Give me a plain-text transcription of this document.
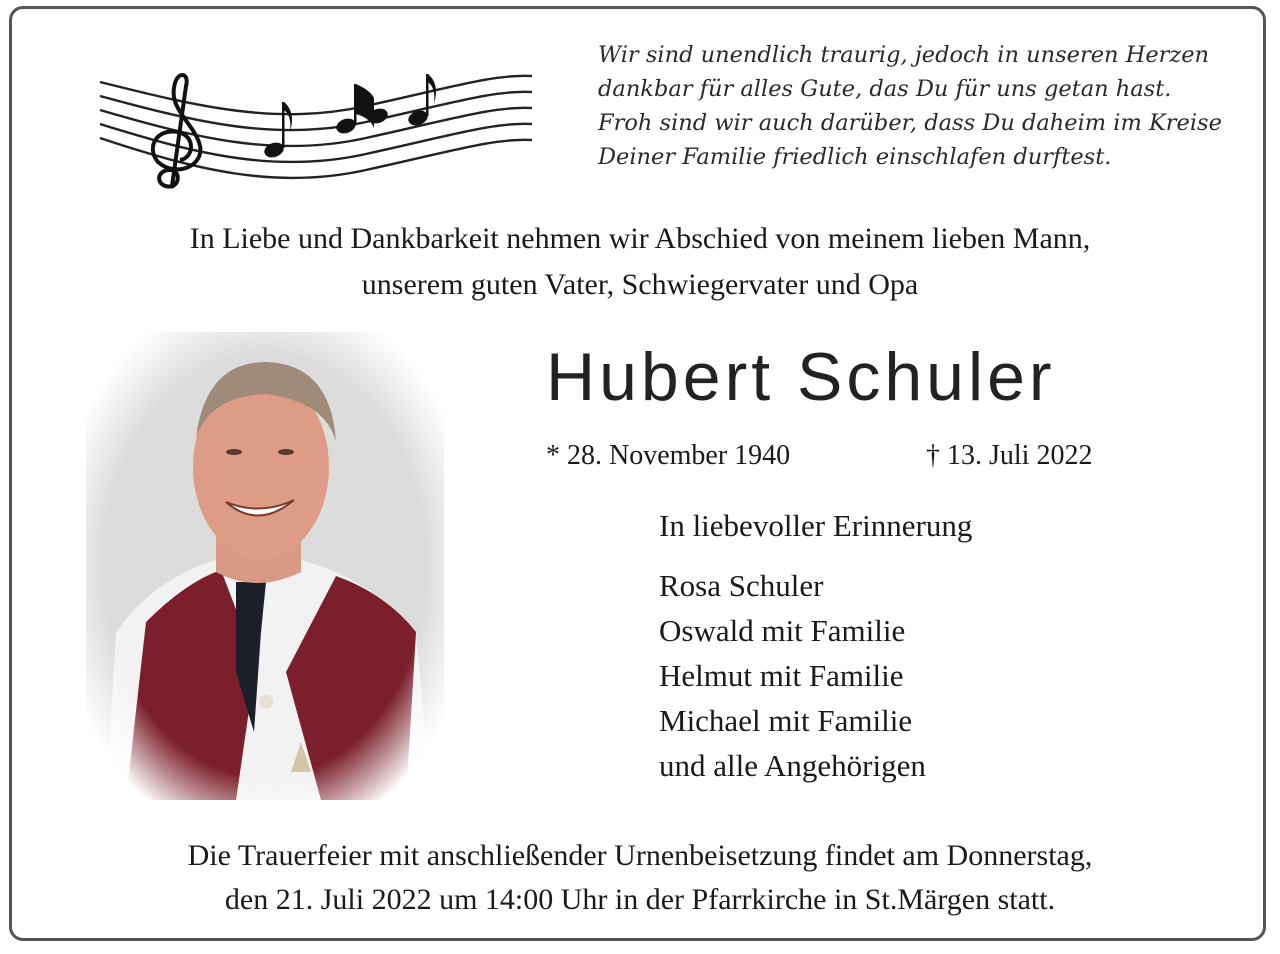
Wir sind unendlich traurig, jedoch in unseren Herzen
dankbar für alles Gute, das Du für uns getan hast.
Froh sind wir auch darüber, dass Du daheim im Kreise
Deiner Familie friedlich einschlafen durftest.
In Liebe und Dankbarkeit nehmen wir Abschied von meinem lieben Mann,
unserem guten Vater, Schwiegervater und Opa
Hubert Schuler
* 28. November 1940	† 13. Juli 2022
In liebevoller Erinnerung
Rosa Schuler
Oswald mit Familie
Helmut mit Familie
Michael mit Familie
und alle Angehörigen
Die Trauerfeier mit anschließender Urnenbeisetzung findet am Donnerstag,
den 21. Juli 2022 um 14:00 Uhr in der Pfarrkirche in St.Märgen statt.
